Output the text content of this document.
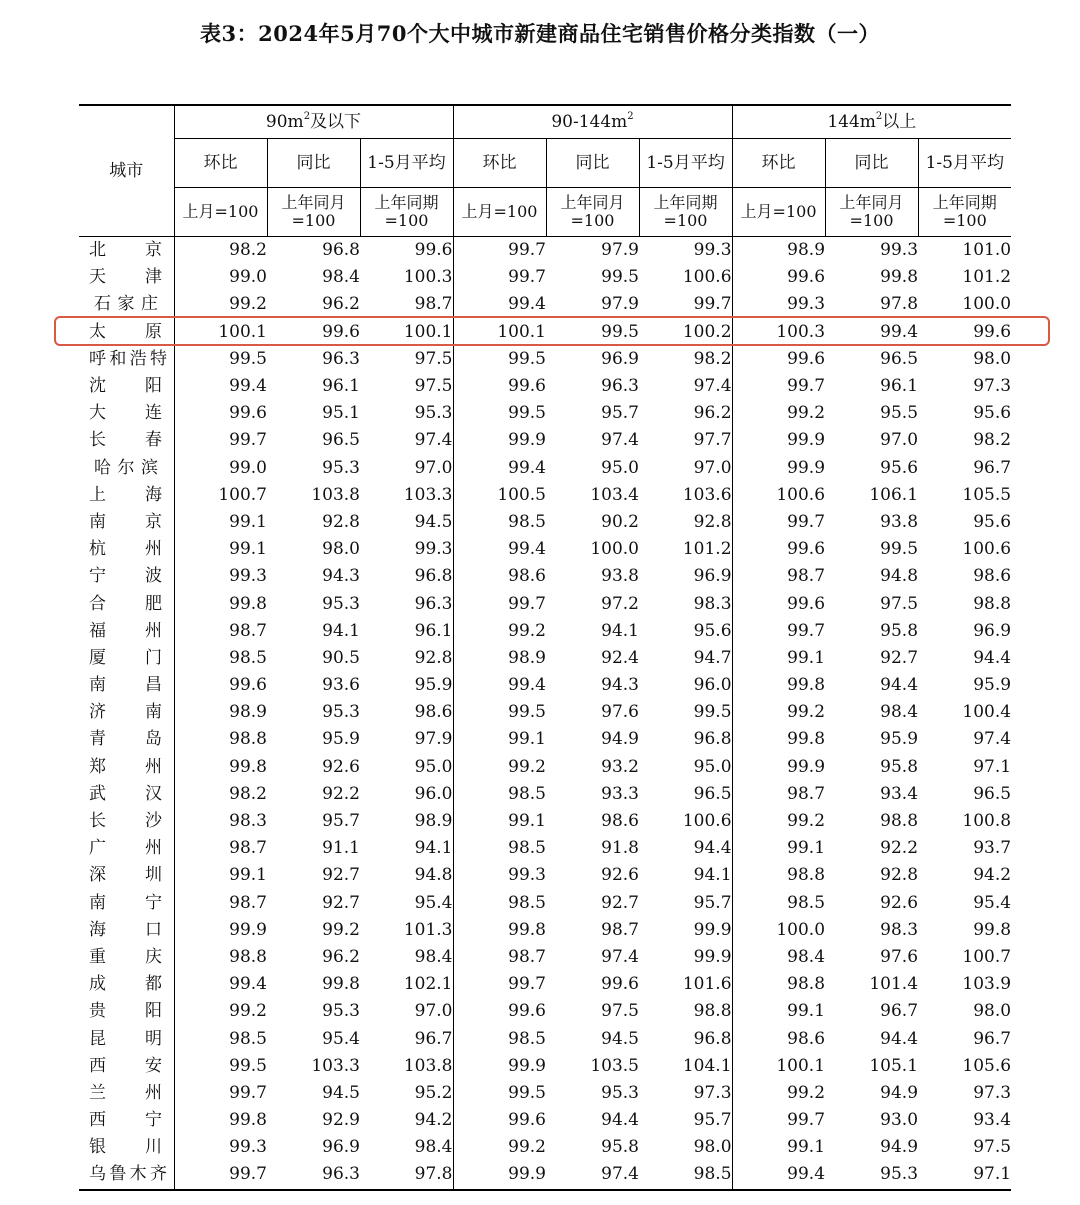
表3：2024年5月70个大中城市新建商品住宅销售价格分类指数（一）
城市	$90m^2$及以下			$90-144m^2$			$144m^2$以上		
	环比	同比	1-5月平均	环比	同比	1-5月平均	环比	同比	1-5月平均
	上月=100	上年同月=100	上年同期=100	上月=100	上年同月=100	上年同期=100	上月=100	上年同月=100	上年同期=100

北 京	98.2	96.8	99.6	99.7	97.9	99.3	98.9	99.3	101.0

天 津	99.0	98.4	100.3	99.7	99.5	100.6	99.6	99.8	101.2

石 家 庄	99.2	96.2	98.7	99.4	97.9	99.7	99.3	97.8	100.0

太 原	100.1	99.6	100.1	100.1	99.5	100.2	100.3	99.4	99.6

呼 和 浩 特	99.5	96.3	97.5	99.5	96.9	98.2	99.6	96.5	98.0

沈 阳	99.4	96.1	97.5	99.6	96.3	97.4	99.7	96.1	97.3

大 连	99.6	95.1	95.3	99.5	95.7	96.2	99.2	95.5	95.6

长 春	99.7	96.5	97.4	99.9	97.4	97.7	99.9	97.0	98.2

哈 尔 滨	99.0	95.3	97.0	99.4	95.0	97.0	99.9	95.6	96.7

上 海	100.7	103.8	103.3	100.5	103.4	103.6	100.6	106.1	105.5

南 京	99.1	92.8	94.5	98.5	90.2	92.8	99.7	93.8	95.6

杭 州	99.1	98.0	99.3	99.4	100.0	101.2	99.6	99.5	100.6

宁 波	99.3	94.3	96.8	98.6	93.8	96.9	98.7	94.8	98.6

合 肥	99.8	95.3	96.3	99.7	97.2	98.3	99.6	97.5	98.8

福 州	98.7	94.1	96.1	99.2	94.1	95.6	99.7	95.8	96.9

厦 门	98.5	90.5	92.8	98.9	92.4	94.7	99.1	92.7	94.4

南 昌	99.6	93.6	95.9	99.4	94.3	96.0	99.8	94.4	95.9

济 南	98.9	95.3	98.6	99.5	97.6	99.5	99.2	98.4	100.4

青 岛	98.8	95.9	97.9	99.1	94.9	96.8	99.8	95.9	97.4

郑 州	99.8	92.6	95.0	99.2	93.2	95.0	99.9	95.8	97.1

武 汉	98.2	92.2	96.0	98.5	93.3	96.5	98.7	93.4	96.5

长 沙	98.3	95.7	98.9	99.1	98.6	100.6	99.2	98.8	100.8

广 州	98.7	91.1	94.1	98.5	91.8	94.4	99.1	92.2	93.7

深 圳	99.1	92.7	94.8	99.3	92.6	94.1	98.8	92.8	94.2

南 宁	98.7	92.7	95.4	98.5	92.7	95.7	98.5	92.6	95.4

海 口	99.9	99.2	101.3	99.8	98.7	99.9	100.0	98.3	99.8

重 庆	98.8	96.2	98.4	98.7	97.4	99.9	98.4	97.6	100.7

成 都	99.4	99.8	102.1	99.7	99.6	101.6	98.8	101.4	103.9

贵 阳	99.2	95.3	97.0	99.6	97.5	98.8	99.1	96.7	98.0

昆 明	98.5	95.4	96.7	98.5	94.5	96.8	98.6	94.4	96.7

西 安	99.5	103.3	103.8	99.9	103.5	104.1	100.1	105.1	105.6

兰 州	99.7	94.5	95.2	99.5	95.3	97.3	99.2	94.9	97.3

西 宁	99.8	92.9	94.2	99.6	94.4	95.7	99.7	93.0	93.4

银 川	99.3	96.9	98.4	99.2	95.8	98.0	99.1	94.9	97.5

乌 鲁 木 齐	99.7	96.3	97.8	99.9	97.4	98.5	99.4	95.3	97.1
